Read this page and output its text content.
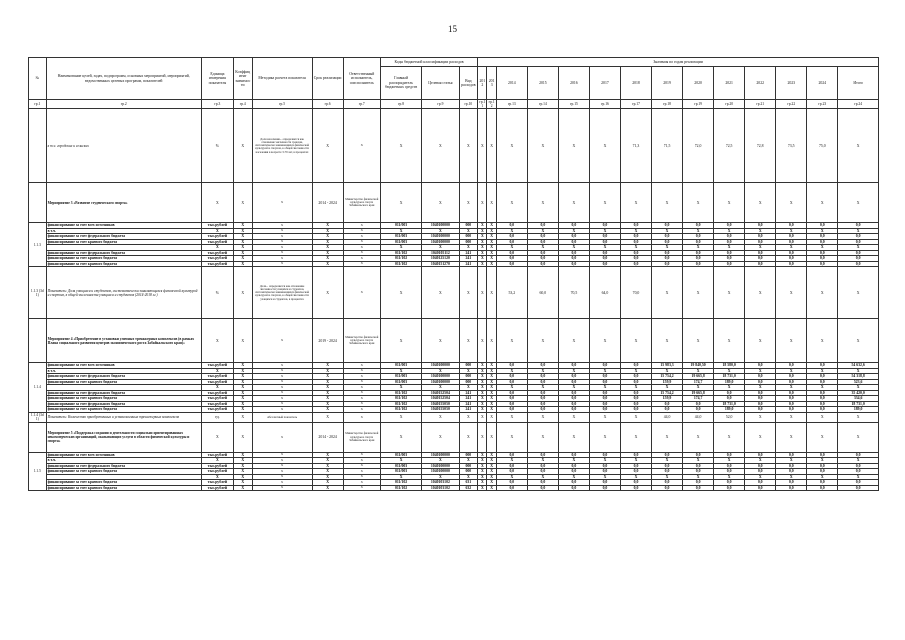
15
№	Наименование целей, задач, подпрограмм, основных мероприятий, мероприятий, ведомственных целевых программ, показателей	Единица измерения показателя	Коэффициент значимости	Методика расчета показателя	Срок реализации	Ответственный исполнитель, соисполнитель	Коды бюджетной классификации расходов			Значения по годам реализации													
							Главный распорядитель бюджетных средств	Целевая статья	Вид расходов	2012	2013	2014	2015	2016	2017	2018	2019	2020	2021	2022	2023	2024	Итого
гр.1	гр.2	гр.3	гр.4	гр.5	гр.6	гр.7	гр.8	гр.9	гр.10	гр.11	гр.12	гр.13	гр.14	гр.15	гр.16	гр.17	гр.18	гр.19	гр.20	гр.21	гр.22	гр.23	гр.24
	в т.ч. городских и сельских	%	X	Доля населения... определяется как отношение численности граждан, систематически занимающихся физической культурой и спортом, к общей численности населения в возрасте 3-79 лет, в процентах	X	X	X	X	X	X	X	X	X	X	X	71,3	71,5	72,0	72,5	72,8	73,5	75,0	X
	Мероприятие 3 «Развитие студенческого спорта»	X	X	X	2014 - 2024	Министерство физической культуры и спорта Забайкальского края	X	X	X	X	X	X	X	X	X	X	X	X	X	X	X	X	X
1.1.3	финансирование за счет всех источников	тыс.рублей	X	X	X	X	011/003	1040100000	000	X	X	0,0	0,0	0,0	0,0	0,0	0,0	0,0	0,0	0,0	0,0	0,0	0,0
	в т.ч.	X	X	X	X	X	X	X	X	X	X	X	X	X	X	X	X	X	X	X	X	X	X
	финансирование за счет федерального бюджета	тыс.рублей	X	X	X	X	011/003	1040100000	000	X	X	0,0	0,0	0,0	0,0	0,0	0,0	0,0	0,0	0,0	0,0	0,0	0,0
	финансирование за счет краевого бюджета	тыс.рублей	X	X	X	X	011/003	1040100000	000	X	X	0,0	0,0	0,0	0,0	0,0	0,0	0,0	0,0	0,0	0,0	0,0	0,0
		X	X	X	X	X	X	X	X	X	X	X	X	X	X	X	X	X	X	X	X	X	X
	финансирование за счет федерального бюджета	тыс.рублей	X	X	X	X	011/102	1040105112	241	X	X	0,0	0,0	0,0	0,0	0,0	0,0	0,0	0,0	0,0	0,0	0,0	0,0
	финансирование за счет краевого бюджета	тыс.рублей	X	X	X	X	011/102	1040125120	241	X	X	0,0	0,0	0,0	0,0	0,0	0,0	0,0	0,0	0,0	0,0	0,0	0,0
	финансирование за счет краевого бюджета	тыс.рублей	X	X	X	X	011/102	1040151270	241	X	X	0,0	0,0	0,0	0,0	0,0	0,0	0,0	0,0	0,0	0,0	0,0	0,0
1.1.3 (3d 1)	Показатель: Доля учащихся и студентов, систематически занимающихся физической культурой и спортом, в общей численности учащихся и студентов (2014-2018 гг.)	%	X	Доля... определяется как отношение численности учащихся и студентов, систематически занимающихся физической культурой и спортом, к общей численности учащихся и студентов, в процентах	X	X	X	X	X	X	X	53,2	60,0	70,5	64,0	70,0	X	X	X	X	X	X	X
	Мероприятие 4 «Приобретение в установки уличных тренажерных комплексов (в рамках Плана социального развития центров экономического роста Забайкальского края)»	X	X	X	2019 - 2024	Министерство физической культуры и спорта Забайкальского края	X	X	X	X	X	X	X	X	X	X	X	X	X	X	X	X	X
1.1.4	финансирование за счет всех источников	тыс.рублей	X	X	X	X	011/003	1040100000	000	X	X	0,0	0,0	0,0	0,0	0,0	15 983,3	19 840,50	18 580,0	0,0	0,0	0,0	54 632,6
	в т.ч.	X	X	X	X	X	X	X	X	X	X	X	X	X	X	X	X	X	X	X	X	X	X
	финансирование за счет федерального бюджета	тыс.рублей	X	X	X	X	011/003	1040100000	000	X	X	0,0	0,0	0,0	0,0	0,0	15 754,2	19 665,8	18 731,0	0,0	0,0	0,0	54 318,8
	финансирование за счет краевого бюджета	тыс.рублей	X	X	X	X	011/003	1040100000	000	X	X	0,0	0,0	0,0	0,0	0,0	159,9	174,7	189,0	0,0	0,0	0,0	523,6
		X	X	X	X	X	X	X	X	X	X	X	X	X	X	X	X	X	X	X	X	X	X
	финансирование за счет федерального бюджета	тыс.рублей	X	X	X	X	011/102	1040152504	241	X	X	0,0	0,0	0,0	0,0	0,0	15 754,2	19 665,8	0,0	0,0	0,0	0,0	35 420,0
	финансирование за счет краевого бюджета	тыс.рублей	X	X	X	X	011/102	1040152504	241	X	X	0,0	0,0	0,0	0,0	0,0	159,9	174,7	0,0	0,0	0,0	0,0	334,6
	финансирование за счет федерального бюджета	тыс.рублей	X	X	X	X	011/102	1040155050	241	X	X	0,0	0,0	0,0	0,0	0,0	0,0	0,0	18 731,0	0,0	0,0	0,0	18 731,0
	финансирование за счет краевого бюджета	тыс.рублей	X	X	X	X	011/102	1040155050	241	X	X	0,0	0,0	0,0	0,0	0,0	0,0	0,0	189,0	0,0	0,0	0,0	189,0
1.1.4 (3d 1)	Показатель: Количество приобретенных и установленных тренажерных комплексов	ед.	X	Абсолютный показатель	X	X	X	X	X	X	X	X	X	X	X	X	44,0	44,0	52,0	X	X	X	X
	Мероприятие 5 «Поддержка создания и деятельности социально ориентированных некоммерческих организаций, оказывающих услуги в области физической культуры и спорта»	X	X	X	2014 - 2024	Министерство физической культуры и спорта Забайкальского края	X	X	X	X	X	X	X	X	X	X	X	X	X	X	X	X	X
1.1.5	финансирование за счет всех источников	тыс.рублей	X	X	X	X	011/003	1040100000	000	X	X	0,0	0,0	0,0	0,0	0,0	0,0	0,0	0,0	0,0	0,0	0,0	0,0
	в т.ч.	X	X	X	X	X	X	X	X	X	X	X	X	X	X	X	X	X	X	X	X	X	X
	финансирование за счет федерального бюджета	тыс.рублей	X	X	X	X	011/003	1040100000	000	X	X	0,0	0,0	0,0	0,0	0,0	0,0	0,0	0,0	0,0	0,0	0,0	0,0
	финансирование за счет краевого бюджета	тыс.рублей	X	X	X	X	011/003	1040100000	000	X	X	0,0	0,0	0,0	0,0	0,0	0,0	0,0	0,0	0,0	0,0	0,0	0,0
		X	X	X	X	X	X	X	X	X	X	X	X	X	X	X	X	X	X	X	X	X	X
	финансирование за счет краевого бюджета	тыс.рублей	X	X	X	X	011/102	1040103102	631	X	X	0,0	0,0	0,0	0,0	0,0	0,0	0,0	0,0	0,0	0,0	0,0	0,0
	финансирование за счет краевого бюджета	тыс.рублей	X	X	X	X	011/102	1040103102	632	X	X	0,0	0,0	0,0	0,0	0,0	0,0	0,0	0,0	0,0	0,0	0,0	0,0
